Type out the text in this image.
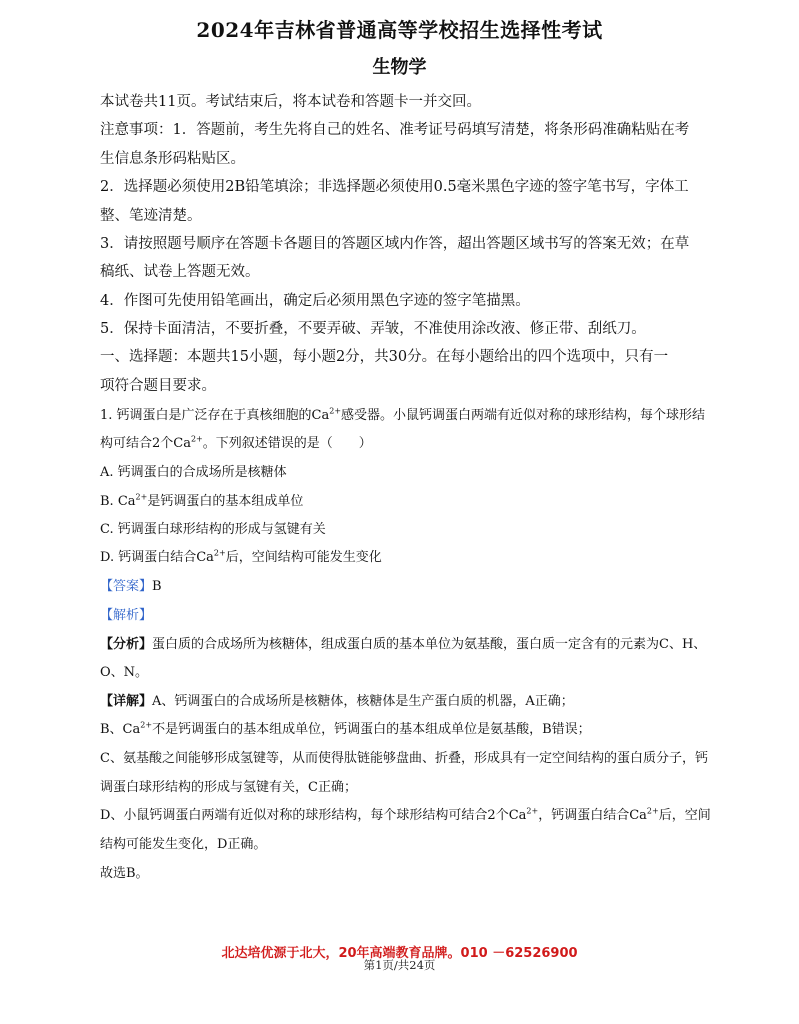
2024年吉林省普通高等学校招生选择性考试
生物学
本试卷共11页。考试结束后，将本试卷和答题卡一并交回。
注意事项：1．答题前，考生先将自己的姓名、准考证号码填写清楚，将条形码准确粘贴在考
生信息条形码粘贴区。
2．选择题必须使用2B铅笔填涂；非选择题必须使用0.5毫米黑色字迹的签字笔书写，字体工
整、笔迹清楚。
3．请按照题号顺序在答题卡各题目的答题区域内作答，超出答题区域书写的答案无效；在草
稿纸、试卷上答题无效。
4．作图可先使用铅笔画出，确定后必须用黑色字迹的签字笔描黑。
5．保持卡面清洁，不要折叠，不要弄破、弄皱，不准使用涂改液、修正带、刮纸刀。
一、选择题：本题共15小题，每小题2分，共30分。在每小题给出的四个选项中，只有一
项符合题目要求。
1. 钙调蛋白是广泛存在于真核细胞的$Ca^{2+}$感受器。小鼠钙调蛋白两端有近似对称的球形结构，每个球形结
构可结合2个$Ca^{2+}$。下列叙述错误的是（　　）
A. 钙调蛋白的合成场所是核糖体
B. $Ca^{2+}$是钙调蛋白的基本组成单位
C. 钙调蛋白球形结构的形成与氢键有关
D. 钙调蛋白结合$Ca^{2+}$后，空间结构可能发生变化
【答案】B
【解析】
【分析】蛋白质的合成场所为核糖体，组成蛋白质的基本单位为氨基酸，蛋白质一定含有的元素为C、H、
O、N。
【详解】A、钙调蛋白的合成场所是核糖体，核糖体是生产蛋白质的机器，A正确；
B、$Ca^{2+}$不是钙调蛋白的基本组成单位，钙调蛋白的基本组成单位是氨基酸，B错误；
C、氨基酸之间能够形成氢键等，从而使得肽链能够盘曲、折叠，形成具有一定空间结构的蛋白质分子，钙
调蛋白球形结构的形成与氢键有关，C正确；
D、小鼠钙调蛋白两端有近似对称的球形结构，每个球形结构可结合2个$Ca^{2+}$，钙调蛋白结合$Ca^{2+}$后，空间
结构可能发生变化，D正确。
故选B。
北达培优源于北大，20年高端教育品牌。010 －62526900
第1页/共24页
